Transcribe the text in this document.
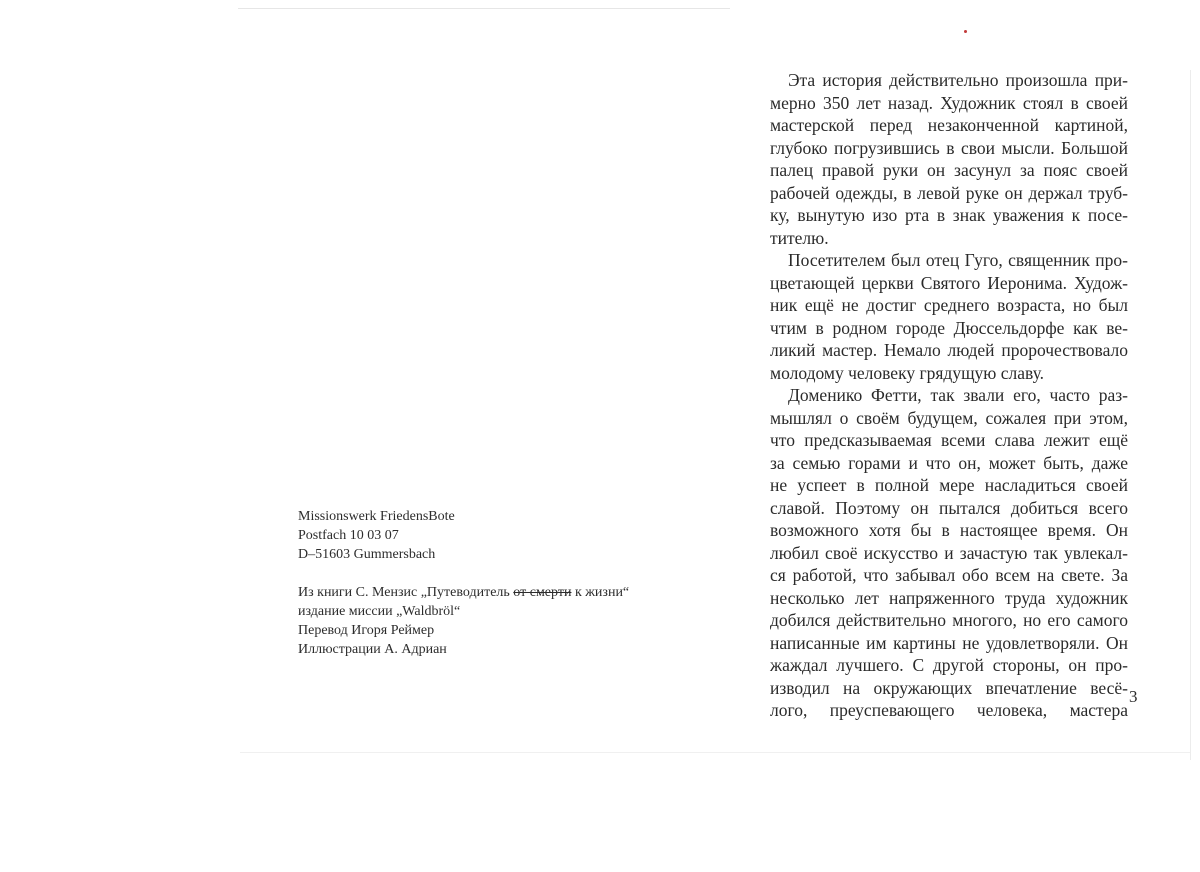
Missionswerk FriedensBote
Postfach 10 03 07
D–51603 Gummersbach
Из книги С. Мензис „Путеводитель от смерти к жизни“
издание миссии „Waldbröl“
Перевод Игоря Реймер
Иллюстрации А. Адриан
Эта история действительно произошла при-
мерно 350 лет назад. Художник стоял в своей
мастерской перед незаконченной картиной,
глубоко погрузившись в свои мысли. Большой
палец правой руки он засунул за пояс своей
рабочей одежды, в левой руке он держал труб-
ку, вынутую изо рта в знак уважения к посе-
тителю.
Посетителем был отец Гуго, священник про-
цветающей церкви Святого Иеронима. Худож-
ник ещё не достиг среднего возраста, но был
чтим в родном городе Дюссельдорфе как ве-
ликий мастер. Немало людей пророчествовало
молодому человеку грядущую славу.
Доменико Фетти, так звали его, часто раз-
мышлял о своём будущем, сожалея при этом,
что предсказываемая всеми слава лежит ещё
за семью горами и что он, может быть, даже
не успеет в полной мере насладиться своей
славой. Поэтому он пытался добиться всего
возможного хотя бы в настоящее время. Он
любил своё искусство и зачастую так увлекал-
ся работой, что забывал обо всем на свете. За
несколько лет напряженного труда художник
добился действительно многого, но его самого
написанные им картины не удовлетворяли. Он
жаждал лучшего. С другой стороны, он про-
изводил на окружающих впечатление весё-
лого, преуспевающего человека, мастера
3
